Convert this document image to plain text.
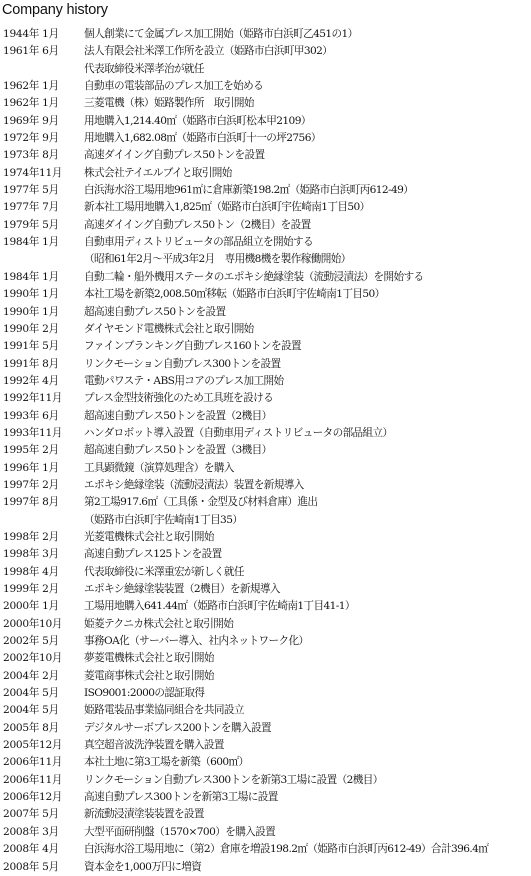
Company history
1944年 1月	個人創業にて金属プレス加工開始（姫路市白浜町乙451の1）
1961年 6月	法人有限会社米澤工作所を設立（姫路市白浜町甲302）
代表取締役米澤孝治が就任
1962年 1月	自動車の電装部品のプレス加工を始める
1962年 1月	三菱電機（株）姫路製作所　取引開始
1969年 9月	用地購入1,214.40㎡（姫路市白浜町松本甲2109）
1972年 9月	用地購入1,682.08㎡（姫路市白浜町十一の坪2756）
1973年 8月	高速ダイイング自動プレス50トンを設置
1974年11月	株式会社テイエルブイと取引開始
1977年 5月	白浜海水浴工場用地961㎡に倉庫新築198.2㎡（姫路市白浜町丙612-49）
1977年 7月	新本社工場用地購入1,825㎡（姫路市白浜町宇佐崎南1丁目50）
1979年 5月	高速ダイイング自動プレス50トン（2機目）を設置
1984年 1月	自動車用ディストリビュータの部品組立を開始する
（昭和61年2月～平成3年2月　専用機8機を製作稼働開始）
1984年 1月	自動二輪・船外機用ステータのエポキシ絶縁塗装（流動浸漬法）を開始する
1990年 1月	本社工場を新築2,008.50㎡移転（姫路市白浜町宇佐崎南1丁目50）
1990年 1月	超高速自動プレス50トンを設置
1990年 2月	ダイヤモンド電機株式会社と取引開始
1991年 5月	ファインブランキング自動プレス160トンを設置
1991年 8月	リンクモーション自動プレス300トンを設置
1992年 4月	電動パワステ・ABS用コアのプレス加工開始
1992年11月	プレス金型技術強化のため工具班を設ける
1993年 6月	超高速自動プレス50トンを設置（2機目）
1993年11月	ハンダロボット導入設置（自動車用ディストリビュータの部品組立）
1995年 2月	超高速自動プレス50トンを設置（3機目）
1996年 1月	工具顕微鏡（演算処理含）を購入
1997年 2月	エポキシ絶縁塗装（流動浸漬法）装置を新規導入
1997年 8月	第2工場917.6㎡（工具係・金型及び材料倉庫）進出
（姫路市白浜町宇佐崎南1丁目35）
1998年 2月	光菱電機株式会社と取引開始
1998年 3月	高速自動プレス125トンを設置
1998年 4月	代表取締役に米澤重宏が新しく就任
1999年 2月	エポキシ絶縁塗装装置（2機目）を新規導入
2000年 1月	工場用地購入641.44㎡（姫路市白浜町宇佐崎南1丁目41-1）
2000年10月	姫菱テクニカ株式会社と取引開始
2002年 5月	事務OA化（サーバー導入、社内ネットワーク化）
2002年10月	夢菱電機株式会社と取引開始
2004年 2月	菱電商事株式会社と取引開始
2004年 5月	ISO9001:2000の認証取得
2004年 5月	姫路電装品事業協同組合を共同設立
2005年 8月	デジタルサーボプレス200トンを購入設置
2005年12月	真空超音波洗浄装置を購入設置
2006年11月	本社土地に第3工場を新築（600㎡）
2006年11月	リンクモーション自動プレス300トンを新第3工場に設置（2機目）
2006年12月	高速自動プレス300トンを新第3工場に設置
2007年 5月	新流動浸漬塗装装置を設置
2008年 3月	大型平面研削盤（1570×700）を購入設置
2008年 4月	白浜海水浴工場用地に（第2）倉庫を増設198.2㎡（姫路市白浜町丙612-49）合計396.4㎡
2008年 5月	資本金を1,000万円に増資
